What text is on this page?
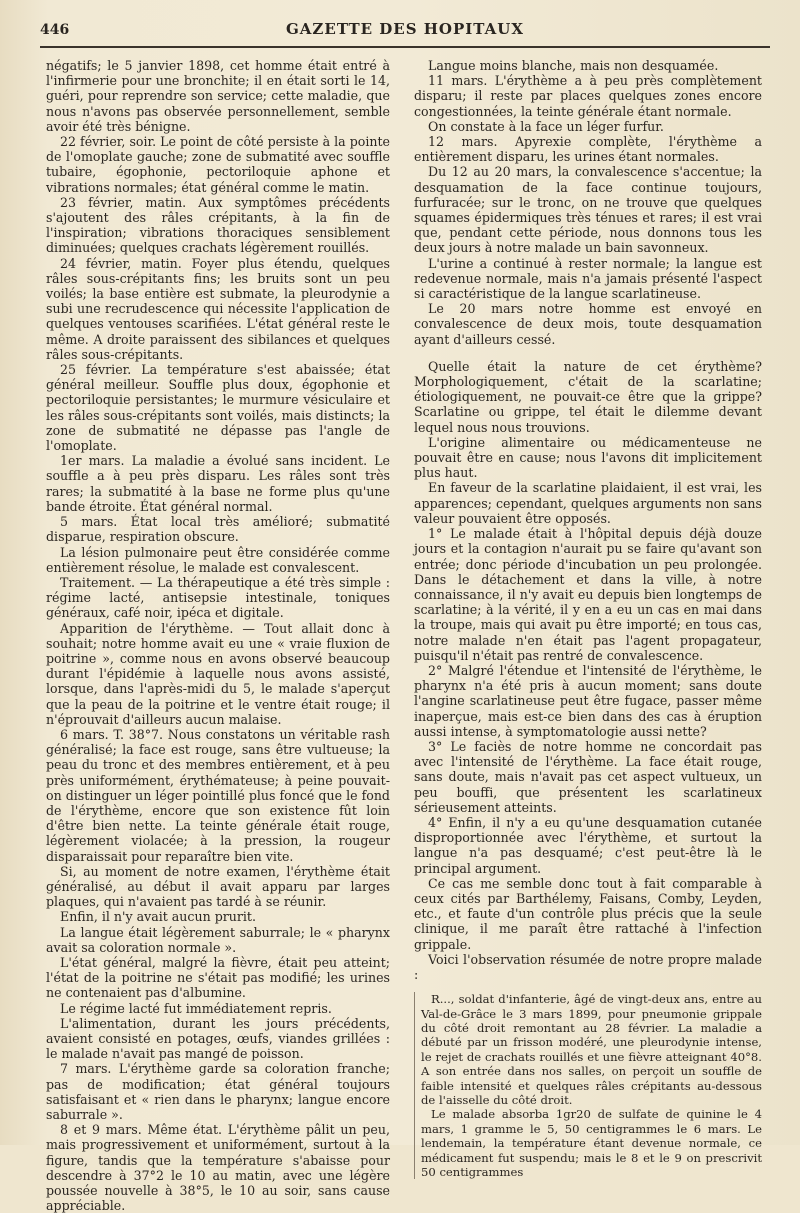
446	GAZETTE DES HOPITAUX

négatifs; le 5 janvier 1898, cet homme était entré à l'infirmerie pour une bronchite; il en était sorti le 14, guéri, pour reprendre son service; cette maladie, que nous n'avons pas observée personnellement, semble avoir été très bénigne.

22 février, soir. Le point de côté persiste à la pointe de l'omoplate gauche; zone de submatité avec souffle tubaire, égophonie, pectoriloquie aphone et vibrations normales; état général comme le matin.

23 février, matin. Aux symptômes précédents s'ajoutent des râles crépitants, à la fin de l'inspiration; vibrations thoraciques sensiblement diminuées; quelques crachats légèrement rouillés.

24 février, matin. Foyer plus étendu, quelques râles sous-crépitants fins; les bruits sont un peu voilés; la base entière est submate, la pleurodynie a subi une recrudescence qui nécessite l'application de quelques ventouses scarifiées. L'état général reste le même. A droite paraissent des sibilances et quelques râles sous-crépitants.

25 février. La température s'est abaissée; état général meilleur. Souffle plus doux, égophonie et pectoriloquie persistantes; le murmure vésiculaire et les râles sous-crépitants sont voilés, mais distincts; la zone de submatité ne dépasse pas l'angle de l'omoplate.

1er mars. La maladie a évolué sans incident. Le souffle a à peu près disparu. Les râles sont très rares; la submatité à la base ne forme plus qu'une bande étroite. État général normal.

5 mars. État local très amélioré; submatité disparue, respiration obscure.

La lésion pulmonaire peut être considérée comme entièrement résolue, le malade est convalescent.

Traitement. — La thérapeutique a été très simple : régime lacté, antisepsie intestinale, toniques généraux, café noir, ipéca et digitale.

Apparition de l'érythème. — Tout allait donc à souhait; notre homme avait eu une « vraie fluxion de poitrine », comme nous en avons observé beaucoup durant l'épidémie à laquelle nous avons assisté, lorsque, dans l'après-midi du 5, le malade s'aperçut que la peau de la poitrine et le ventre était rouge; il n'éprouvait d'ailleurs aucun malaise.

6 mars. T. 38°7. Nous constatons un véritable rash généralisé; la face est rouge, sans être vultueuse; la peau du tronc et des membres entièrement, et à peu près uniformément, érythémateuse; à peine pouvait-on distinguer un léger pointillé plus foncé que le fond de l'érythème, encore que son existence fût loin d'être bien nette. La teinte générale était rouge, légèrement violacée; à la pression, la rougeur disparaissait pour reparaître bien vite.

Si, au moment de notre examen, l'érythème était généralisé, au début il avait apparu par larges plaques, qui n'avaient pas tardé à se réunir.

Enfin, il n'y avait aucun prurit.

La langue était légèrement saburrale; le « pharynx avait sa coloration normale ».

L'état général, malgré la fièvre, était peu atteint; l'état de la poitrine ne s'était pas modifié; les urines ne contenaient pas d'albumine.

Le régime lacté fut immédiatement repris.

L'alimentation, durant les jours précédents, avaient consisté en potages, œufs, viandes grillées : le malade n'avait pas mangé de poisson.

7 mars. L'érythème garde sa coloration franche; pas de modification; état général toujours satisfaisant et « rien dans le pharynx; langue encore saburrale ».

8 et 9 mars. Même état. L'érythème pâlit un peu, mais progressivement et uniformément, surtout à la figure, tandis que la température s'abaisse pour descendre à 37°2 le 10 au matin, avec une légère poussée nouvelle à 38°5, le 10 au soir, sans cause appréciable.

Langue moins blanche, mais non desquamée.

11 mars. L'érythème a à peu près complètement disparu; il reste par places quelques zones encore congestionnées, la teinte générale étant normale.

On constate à la face un léger furfur.

12 mars. Apyrexie complète, l'érythème a entièrement disparu, les urines étant normales.

Du 12 au 20 mars, la convalescence s'accentue; la desquamation de la face continue toujours, furfuracée; sur le tronc, on ne trouve que quelques squames épidermiques très ténues et rares; il est vrai que, pendant cette période, nous donnons tous les deux jours à notre malade un bain savonneux.

L'urine a continué à rester normale; la langue est redevenue normale, mais n'a jamais présenté l'aspect si caractéristique de la langue scarlatineuse.

Le 20 mars notre homme est envoyé en convalescence de deux mois, toute desquamation ayant d'ailleurs cessé.

Quelle était la nature de cet érythème? Morphologiquement, c'était de la scarlatine; étiologiquement, ne pouvait-ce être que la grippe? Scarlatine ou grippe, tel était le dilemme devant lequel nous nous trouvions.

L'origine alimentaire ou médicamenteuse ne pouvait être en cause; nous l'avons dit implicitement plus haut.

En faveur de la scarlatine plaidaient, il est vrai, les apparences; cependant, quelques arguments non sans valeur pouvaient être opposés.

1° Le malade était à l'hôpital depuis déjà douze jours et la contagion n'aurait pu se faire qu'avant son entrée; donc période d'incubation un peu prolongée. Dans le détachement et dans la ville, à notre connaissance, il n'y avait eu depuis bien longtemps de scarlatine; à la vérité, il y en a eu un cas en mai dans la troupe, mais qui avait pu être importé; en tous cas, notre malade n'en était pas l'agent propagateur, puisqu'il n'était pas rentré de convalescence.

2° Malgré l'étendue et l'intensité de l'érythème, le pharynx n'a été pris à aucun moment; sans doute l'angine scarlatineuse peut être fugace, passer même inaperçue, mais est-ce bien dans des cas à éruption aussi intense, à symptomatologie aussi nette?

3° Le faciès de notre homme ne concordait pas avec l'intensité de l'érythème. La face était rouge, sans doute, mais n'avait pas cet aspect vultueux, un peu bouffi, que présentent les scarlatineux sérieusement atteints.

4° Enfin, il n'y a eu qu'une desquamation cutanée disproportionnée avec l'érythème, et surtout la langue n'a pas desquamé; c'est peut-être là le principal argument.

Ce cas me semble donc tout à fait comparable à ceux cités par Barthélemy, Faisans, Comby, Leyden, etc., et faute d'un contrôle plus précis que la seule clinique, il me paraît être rattaché à l'infection grippale.

Voici l'observation résumée de notre propre malade :

R..., soldat d'infanterie, âgé de vingt-deux ans, entre au Val-de-Grâce le 3 mars 1899, pour pneumonie grippale du côté droit remontant au 28 février. La maladie a débuté par un frisson modéré, une pleurodynie intense, le rejet de crachats rouillés et une fièvre atteignant 40°8. A son entrée dans nos salles, on perçoit un souffle de faible intensité et quelques râles crépitants au-dessous de l'aisselle du côté droit.

Le malade absorba 1gr20 de sulfate de quinine le 4 mars, 1 gramme le 5, 50 centigrammes le 6 mars. Le lendemain, la température étant devenue normale, ce médicament fut suspendu; mais le 8 et le 9 on prescrivit 50 centigrammes
